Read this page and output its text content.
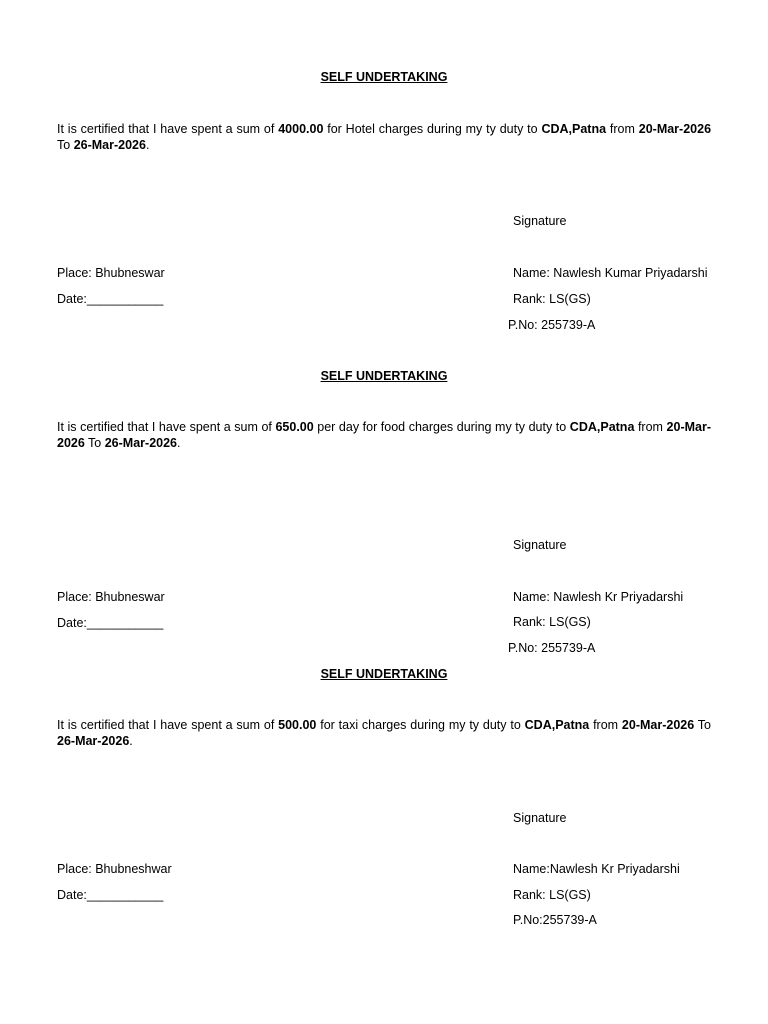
SELF UNDERTAKING
It is certified that I have spent a sum of 4000.00 for Hotel charges during my ty duty to CDA,Patna from 20-Mar-2026 To 26-Mar-2026.
Signature
Place: Bhubneswar	Name: Nawlesh Kumar Priyadarshi
Date:___________	Rank: LS(GS)
P.No: 255739-A
SELF UNDERTAKING
It is certified that I have spent a sum of 650.00 per day for food charges during my ty duty to CDA,Patna from 20-Mar-2026 To 26-Mar-2026.
Signature
Place: Bhubneswar	Name: Nawlesh Kr Priyadarshi
Date:___________	Rank: LS(GS)
P.No: 255739-A
SELF UNDERTAKING
It is certified that I have spent a sum of 500.00 for taxi charges during my ty duty to CDA,Patna from 20-Mar-2026 To 26-Mar-2026.
Signature
Place: Bhubneshwar	Name:Nawlesh Kr Priyadarshi
Date:___________	Rank: LS(GS)
P.No:255739-A
